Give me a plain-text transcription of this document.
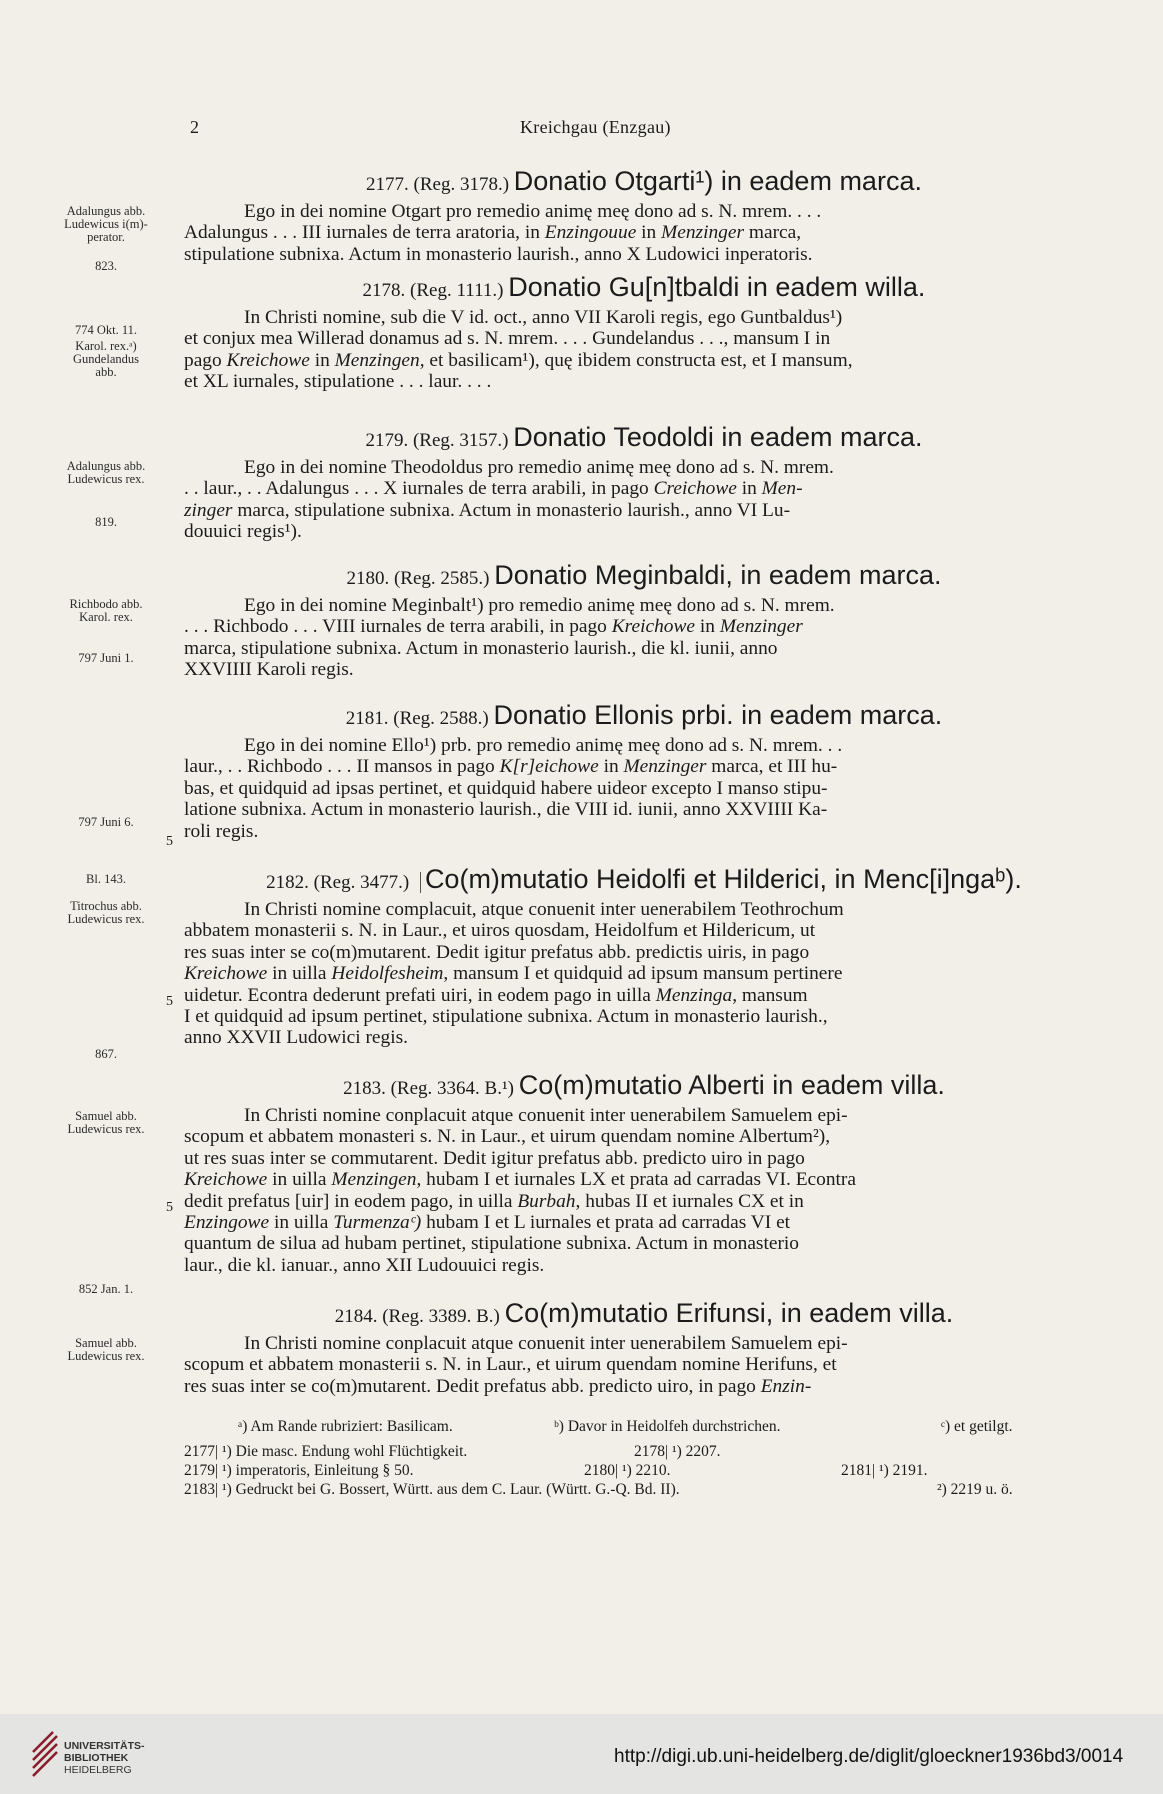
2	Kreichgau (Enzgau)
2177. (Reg. 3178.) Donatio Otgarti¹) in eadem marca.

Ego in dei nomine Otgart pro remedio animę meę dono ad s. N. mrem. . . .

Adalungus . . . III iurnales de terra aratoria, in Enzingouue in Menzinger marca,
stipulatione subnixa. Actum in monasterio laurish., anno X Ludowici inperatoris.
2178. (Reg. 1111.) Donatio Gu[n]tbaldi in eadem willa.

In Christi nomine, sub die V id. oct., anno VII Karoli regis, ego Guntbaldus¹)

et conjux mea Willerad donamus ad s. N. mrem. . . . Gundelandus . . ., mansum I in
pago Kreichowe in Menzingen, et basilicam¹), quę ibidem constructa est, et I mansum,
et XL iurnales, stipulatione . . . laur. . . .
2179. (Reg. 3157.) Donatio Teodoldi in eadem marca.

Ego in dei nomine Theodoldus pro remedio animę meę dono ad s. N. mrem.

. . laur., . . Adalungus . . . X iurnales de terra arabili, in pago Creichowe in Men-
zinger marca, stipulatione subnixa. Actum in monasterio laurish., anno VI Lu-
douuici regis¹).
2180. (Reg. 2585.) Donatio Meginbaldi, in eadem marca.

Ego in dei nomine Meginbalt¹) pro remedio animę meę dono ad s. N. mrem.

. . . Richbodo . . . VIII iurnales de terra arabili, in pago Kreichowe in Menzinger
marca, stipulatione subnixa. Actum in monasterio laurish., die kl. iunii, anno
XXVIIII Karoli regis.
2181. (Reg. 2588.) Donatio Ellonis prbi. in eadem marca.

Ego in dei nomine Ello¹) prb. pro remedio animę meę dono ad s. N. mrem. . .

laur., . . Richbodo . . . II mansos in pago K[r]eichowe in Menzinger marca, et III hu-
bas, et quidquid ad ipsas pertinet, et quidquid habere uideor excepto I manso stipu-
latione subnixa. Actum in monasterio laurish., die VIII id. iunii, anno XXVIIII Ka-
roli regis.
2182. (Reg. 3477.) Co(m)mutatio Heidolfi et Hilderici, in Menc[i]ngaᵇ).

In Christi nomine complacuit, atque conuenit inter uenerabilem Teothrochum

abbatem monasterii s. N. in Laur., et uiros quosdam, Heidolfum et Hildericum, ut
res suas inter se co(m)mutarent. Dedit igitur prefatus abb. predictis uiris, in pago
Kreichowe in uilla Heidolfesheim, mansum I et quidquid ad ipsum mansum pertinere
uidetur. Econtra dederunt prefati uiri, in eodem pago in uilla Menzinga, mansum
I et quidquid ad ipsum pertinet, stipulatione subnixa. Actum in monasterio laurish.,
anno XXVII Ludowici regis.
2183. (Reg. 3364. B.¹) Co(m)mutatio Alberti in eadem villa.

In Christi nomine conplacuit atque conuenit inter uenerabilem Samuelem epi-

scopum et abbatem monasteri s. N. in Laur., et uirum quendam nomine Albertum²),
ut res suas inter se commutarent. Dedit igitur prefatus abb. predicto uiro in pago
Kreichowe in uilla Menzingen, hubam I et iurnales LX et prata ad carradas VI. Econtra
dedit prefatus [uir] in eodem pago, in uilla Burbah, hubas II et iurnales CX et in
Enzingowe in uilla Turmenzaᶜ) hubam I et L iurnales et prata ad carradas VI et
quantum de silua ad hubam pertinet, stipulatione subnixa. Actum in monasterio
laur., die kl. ianuar., anno XII Ludouuici regis.
2184. (Reg. 3389. B.) Co(m)mutatio Erifunsi, in eadem villa.

In Christi nomine conplacuit atque conuenit inter uenerabilem Samuelem epi-

scopum et abbatem monasterii s. N. in Laur., et uirum quendam nomine Herifuns, et
res suas inter se co(m)mutarent. Dedit prefatus abb. predicto uiro, in pago Enzin-
Adalungus abb.
Ludewicus i(m)-
perator.
823.
774 Okt. 11.
Karol. rex.ᵃ)
Gundelandus
abb.
Adalungus abb.
Ludewicus rex.
819.
Richbodo abb.
Karol. rex.
797 Juni 1.
797 Juni 6.
Bl. 143.
Titrochus abb.
Ludewicus rex.
867.
Samuel abb.
Ludewicus rex.
852 Jan. 1.
Samuel abb.
Ludewicus rex.
5
5
5
ᵃ) Am Rande rubriziert: Basilicam.	ᵇ) Davor in Heidolfeh durchstrichen.	ᶜ) et getilgt.
2177| ¹) Die masc. Endung wohl Flüchtigkeit.	2178| ¹) 2207.
2179| ¹) imperatoris, Einleitung § 50.	2180| ¹) 2210.	2181| ¹) 2191.
2183| ¹) Gedruckt bei G. Bossert, Württ. aus dem C. Laur. (Württ. G.-Q. Bd. II).	²) 2219 u. ö.
UNIVERSITÄTS-
BIBLIOTHEK
HEIDELBERG
http://digi.ub.uni-heidelberg.de/diglit/gloeckner1936bd3/0014
